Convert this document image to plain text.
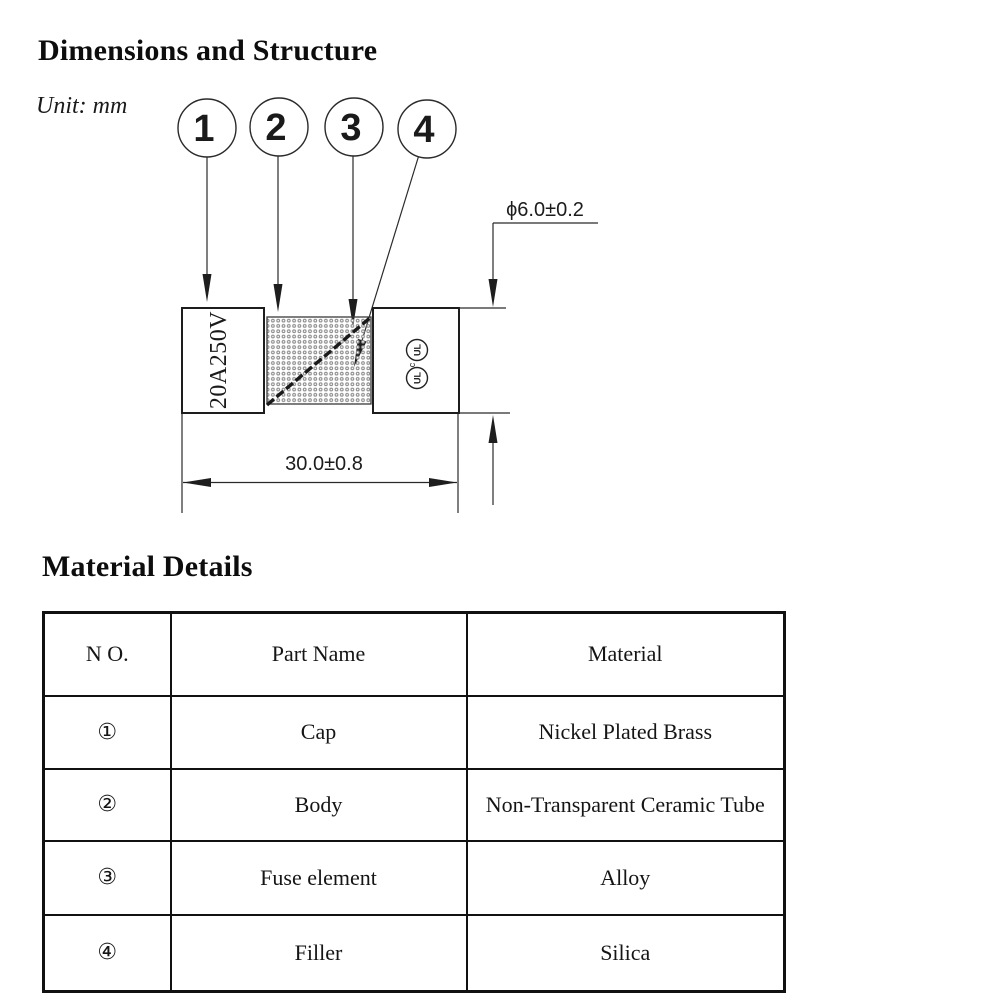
Dimensions and Structure
Unit: mm
1 2 3 4
20A250V	UL
c
UL
ϕ6.0±0.2
30.0±0.8
Material Details
N O.	Part Name	Material
①	Cap	Nickel Plated Brass
②	Body	Non-Transparent Ceramic Tube
③	Fuse element	Alloy
④	Filler	Silica
